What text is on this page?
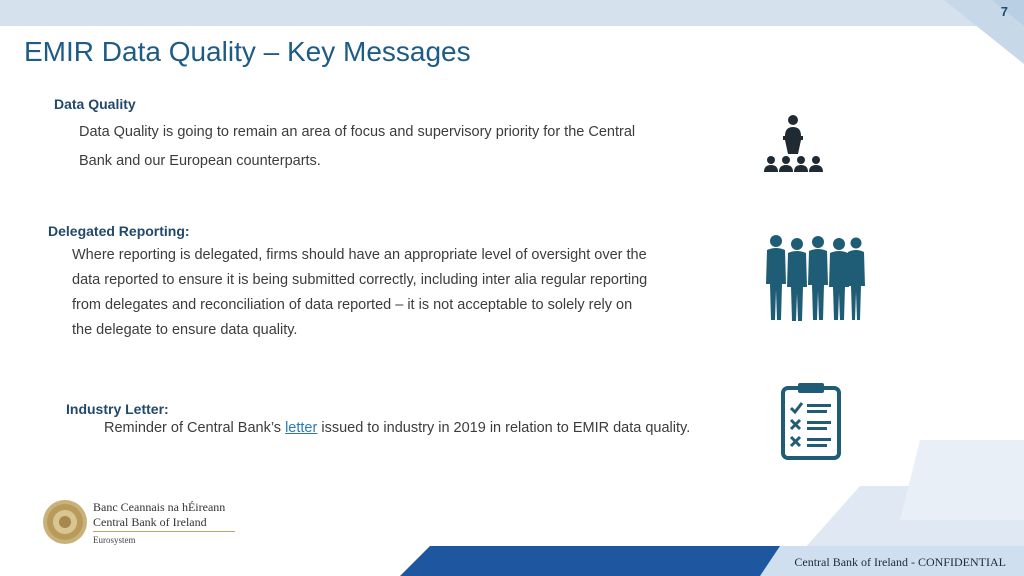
7
EMIR Data Quality – Key Messages

Data Quality

Data Quality is going to remain an area of focus and supervisory priority for the Central

Bank and our European counterparts.

Delegated Reporting:

Where reporting is delegated, firms should have an appropriate level of oversight over the

data reported to ensure it is being submitted correctly, including inter alia regular reporting

from delegates and reconciliation of data reported – it is not acceptable to solely rely on

the delegate to ensure data quality.

Industry Letter:

Reminder of Central Bank’s letter issued to industry in 2019 in relation to EMIR data quality.

Banc Ceannais na hÉireann
Central Bank of Ireland
Eurosystem
Central Bank of Ireland - CONFIDENTIAL
